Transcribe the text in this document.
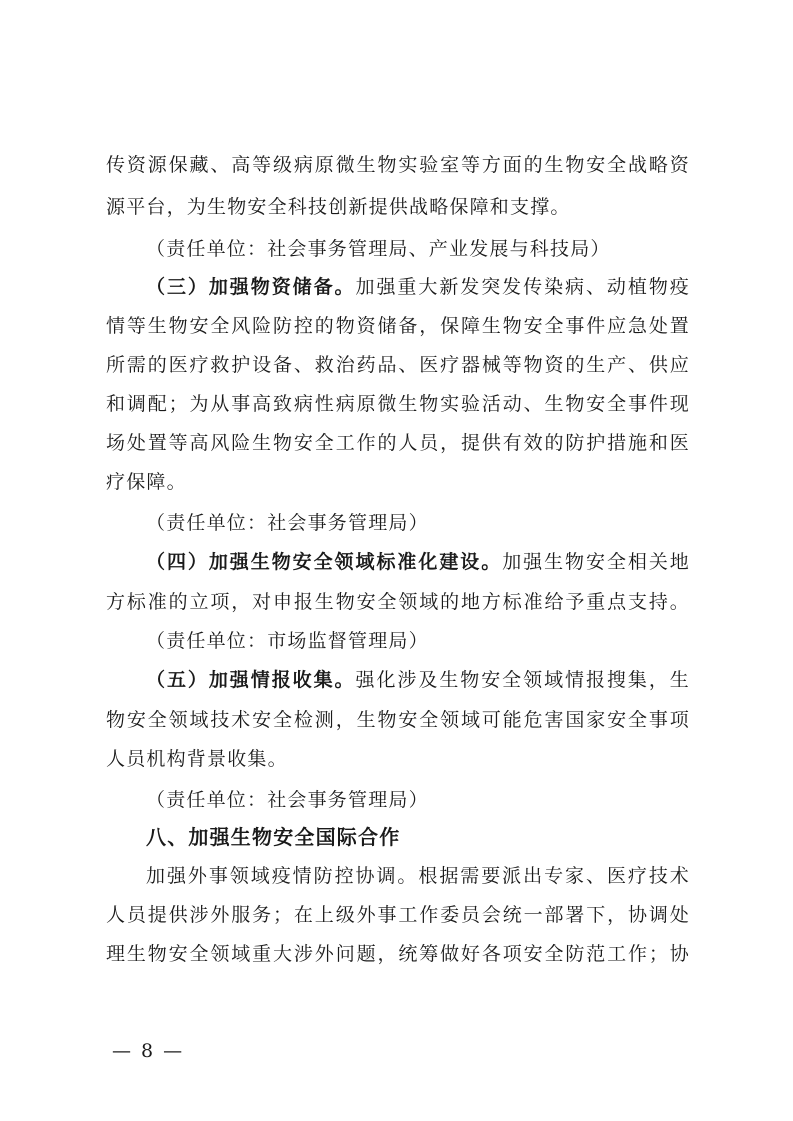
传资源保藏、高等级病原微生物实验室等方面的生物安全战略资
源平台，为生物安全科技创新提供战略保障和支撑。
（责任单位：社会事务管理局、产业发展与科技局）
（三）加强物资储备。加强重大新发突发传染病、动植物疫
情等生物安全风险防控的物资储备，保障生物安全事件应急处置
所需的医疗救护设备、救治药品、医疗器械等物资的生产、供应
和调配；为从事高致病性病原微生物实验活动、生物安全事件现
场处置等高风险生物安全工作的人员，提供有效的防护措施和医
疗保障。
（责任单位：社会事务管理局）
（四）加强生物安全领域标准化建设。加强生物安全相关地
方标准的立项，对申报生物安全领域的地方标准给予重点支持。
（责任单位：市场监督管理局）
（五）加强情报收集。强化涉及生物安全领域情报搜集，生
物安全领域技术安全检测，生物安全领域可能危害国家安全事项
人员机构背景收集。
（责任单位：社会事务管理局）
八、加强生物安全国际合作
加强外事领域疫情防控协调。根据需要派出专家、医疗技术
人员提供涉外服务；在上级外事工作委员会统一部署下，协调处
理生物安全领域重大涉外问题，统筹做好各项安全防范工作；协
— 8 —
